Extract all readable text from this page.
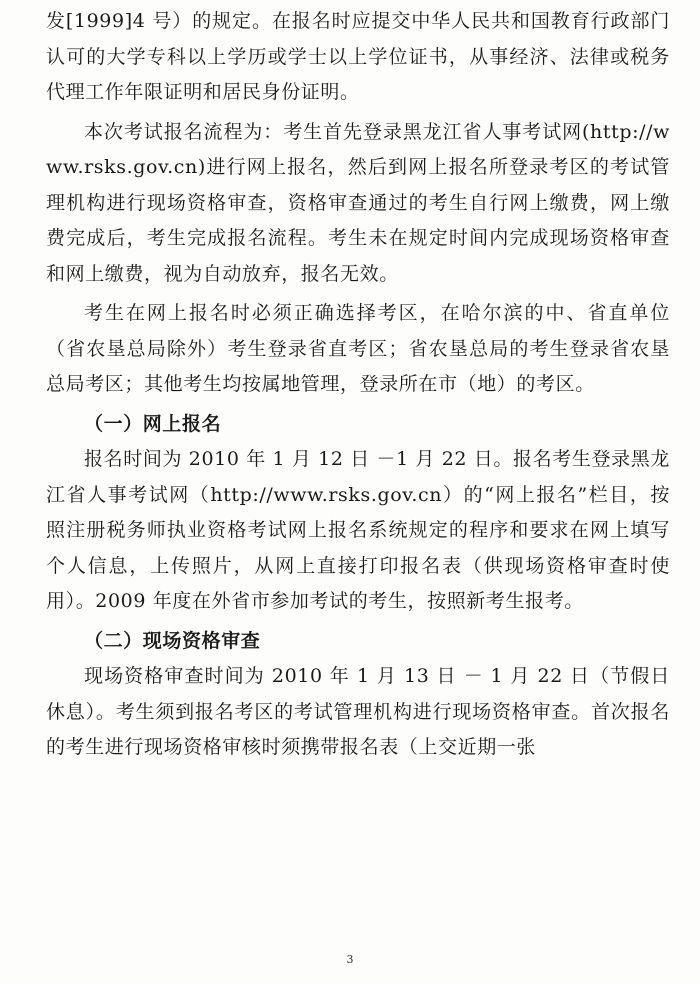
发[1999]4 号）的规定。在报名时应提交中华人民共和国教育行政部门认可的大学专科以上学历或学士以上学位证书，从事经济、法律或税务代理工作年限证明和居民身份证明。

本次考试报名流程为：考生首先登录黑龙江省人事考试网(http://www.rsks.gov.cn)进行网上报名，然后到网上报名所登录考区的考试管理机构进行现场资格审查，资格审查通过的考生自行网上缴费，网上缴费完成后，考生完成报名流程。考生未在规定时间内完成现场资格审查和网上缴费，视为自动放弃，报名无效。

考生在网上报名时必须正确选择考区，在哈尔滨的中、省直单位（省农垦总局除外）考生登录省直考区；省农垦总局的考生登录省农垦总局考区；其他考生均按属地管理，登录所在市（地）的考区。

（一）网上报名

报名时间为 2010 年 1 月 12 日 －1 月 22 日。报名考生登录黑龙江省人事考试网（http://www.rsks.gov.cn）的“网上报名”栏目，按照注册税务师执业资格考试网上报名系统规定的程序和要求在网上填写个人信息，上传照片，从网上直接打印报名表（供现场资格审查时使用）。2009 年度在外省市参加考试的考生，按照新考生报考。

（二）现场资格审查

现场资格审查时间为 2010 年 1 月 13 日 － 1 月 22 日（节假日休息）。考生须到报名考区的考试管理机构进行现场资格审查。首次报名的考生进行现场资格审核时须携带报名表（上交近期一张

3
